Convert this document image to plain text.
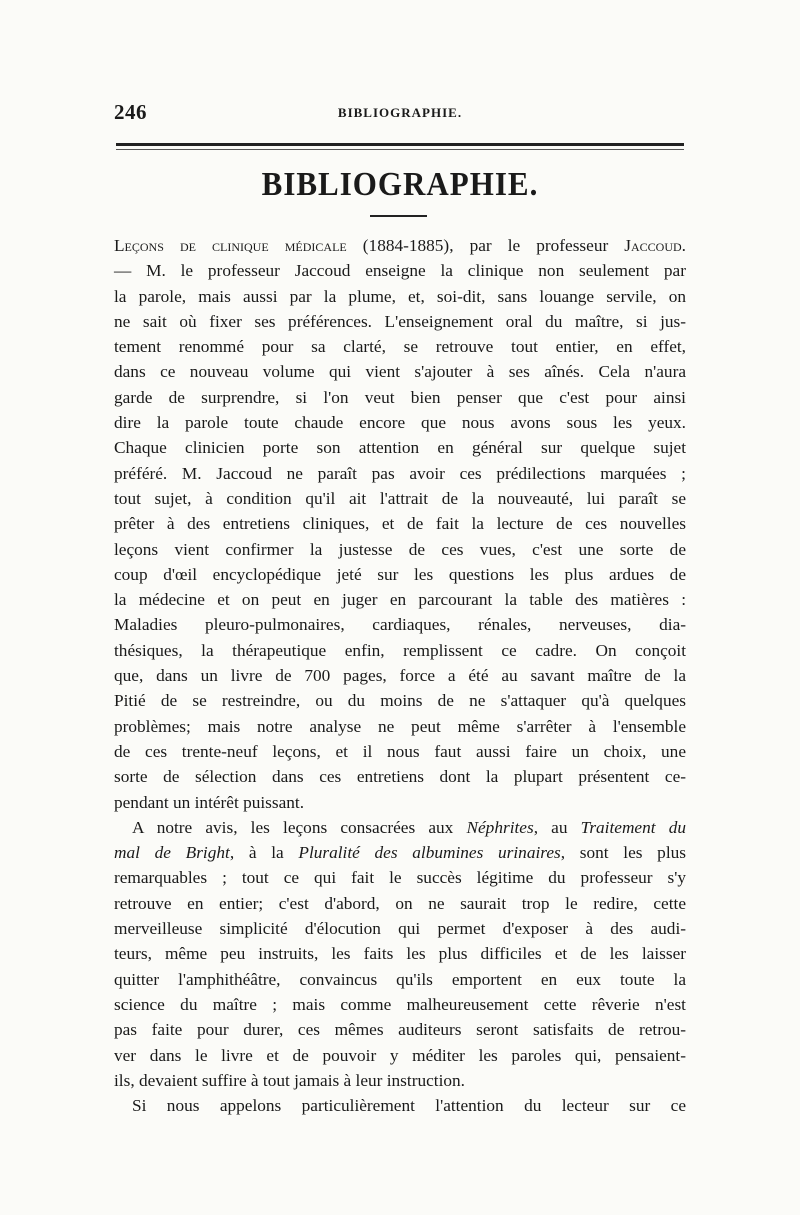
246	BIBLIOGRAPHIE.
BIBLIOGRAPHIE.
Leçons de clinique médicale (1884-1885), par le professeur Jaccoud.
— M. le professeur Jaccoud enseigne la clinique non seulement par
la parole, mais aussi par la plume, et, soi-dit, sans louange servile, on
ne sait où fixer ses préférences. L'enseignement oral du maître, si jus-
tement renommé pour sa clarté, se retrouve tout entier, en effet,
dans ce nouveau volume qui vient s'ajouter à ses aînés. Cela n'aura
garde de surprendre, si l'on veut bien penser que c'est pour ainsi
dire la parole toute chaude encore que nous avons sous les yeux.
Chaque clinicien porte son attention en général sur quelque sujet
préféré. M. Jaccoud ne paraît pas avoir ces prédilections marquées ;
tout sujet, à condition qu'il ait l'attrait de la nouveauté, lui paraît se
prêter à des entretiens cliniques, et de fait la lecture de ces nouvelles
leçons vient confirmer la justesse de ces vues, c'est une sorte de
coup d'œil encyclopédique jeté sur les questions les plus ardues de
la médecine et on peut en juger en parcourant la table des matières :
Maladies pleuro-pulmonaires, cardiaques, rénales, nerveuses, dia-
thésiques, la thérapeutique enfin, remplissent ce cadre. On conçoit
que, dans un livre de 700 pages, force a été au savant maître de la
Pitié de se restreindre, ou du moins de ne s'attaquer qu'à quelques
problèmes; mais notre analyse ne peut même s'arrêter à l'ensemble
de ces trente-neuf leçons, et il nous faut aussi faire un choix, une
sorte de sélection dans ces entretiens dont la plupart présentent ce-
pendant un intérêt puissant.
A notre avis, les leçons consacrées aux Néphrites, au Traitement du
mal de Bright, à la Pluralité des albumines urinaires, sont les plus
remarquables ; tout ce qui fait le succès légitime du professeur s'y
retrouve en entier; c'est d'abord, on ne saurait trop le redire, cette
merveilleuse simplicité d'élocution qui permet d'exposer à des audi-
teurs, même peu instruits, les faits les plus difficiles et de les laisser
quitter l'amphithéâtre, convaincus qu'ils emportent en eux toute la
science du maître ; mais comme malheureusement cette rêverie n'est
pas faite pour durer, ces mêmes auditeurs seront satisfaits de retrou-
ver dans le livre et de pouvoir y méditer les paroles qui, pensaient-
ils, devaient suffire à tout jamais à leur instruction.
Si nous appelons particulièrement l'attention du lecteur sur ce
